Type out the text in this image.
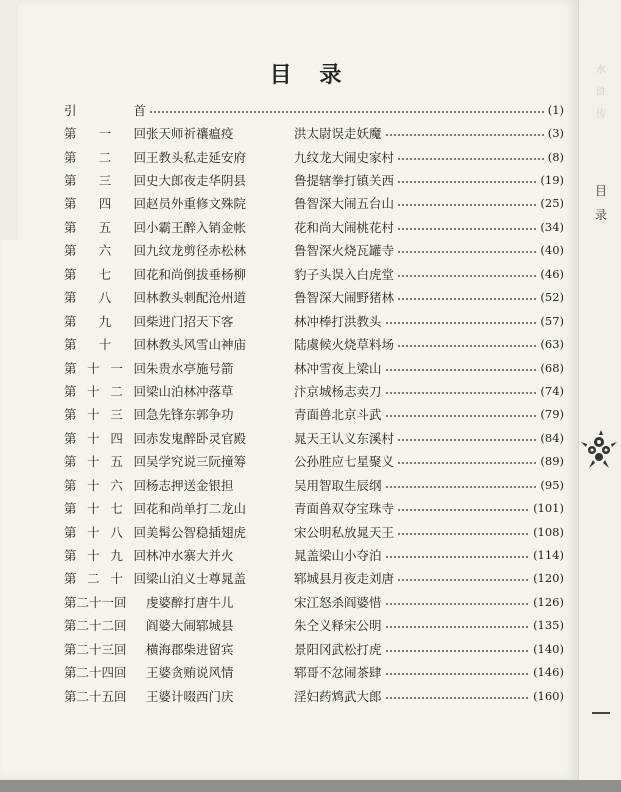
目 录
引	首	(1)
第 一 回 张天师祈禳瘟疫	洪太尉误走妖魔	(3)
第 二 回 王教头私走延安府	九纹龙大闹史家村	(8)
第 三 回 史大郎夜走华阴县	鲁提辖拳打镇关西	(19)
第 四 回 赵员外重修文殊院	鲁智深大闹五台山	(25)
第 五 回 小霸王醉入销金帐	花和尚大闹桃花村	(34)
第 六 回 九纹龙剪径赤松林	鲁智深火烧瓦罐寺	(40)
第 七 回 花和尚倒拔垂杨柳	豹子头误入白虎堂	(46)
第 八 回 林教头刺配沧州道	鲁智深大闹野猪林	(52)
第 九 回 柴进门招天下客	林冲棒打洪教头	(57)
第 十 回 林教头风雪山神庙	陆虞候火烧草料场	(63)
第 十 一 回 朱贵水亭施号箭	林冲雪夜上梁山	(68)
第 十 二 回 梁山泊林冲落草	汴京城杨志卖刀	(74)
第 十 三 回 急先锋东郭争功	青面兽北京斗武	(79)
第 十 四 回 赤发鬼醉卧灵官殿	晁天王认义东溪村	(84)
第 十 五 回 吴学究说三阮撞筹	公孙胜应七星聚义	(89)
第 十 六 回 杨志押送金银担	吴用智取生辰纲	(95)
第 十 七 回 花和尚单打二龙山	青面兽双夺宝珠寺	(101)
第 十 八 回 美髯公智稳插翅虎	宋公明私放晁天王	(108)
第 十 九 回 林冲水寨大并火	晁盖梁山小夺泊	(114)
第 二 十 回 梁山泊义士尊晁盖	郓城县月夜走刘唐	(120)
第二十一回 虔婆醉打唐牛儿	宋江怒杀阎婆惜	(126)
第二十二回 阎婆大闹郓城县	朱仝义释宋公明	(135)
第二十三回 横海郡柴进留宾	景阳冈武松打虎	(140)
第二十四回 王婆贪贿说风情	郓哥不忿闹茶肆	(146)
第二十五回 王婆计啜西门庆	淫妇药鸩武大郎	(160)
水浒传
目
录
